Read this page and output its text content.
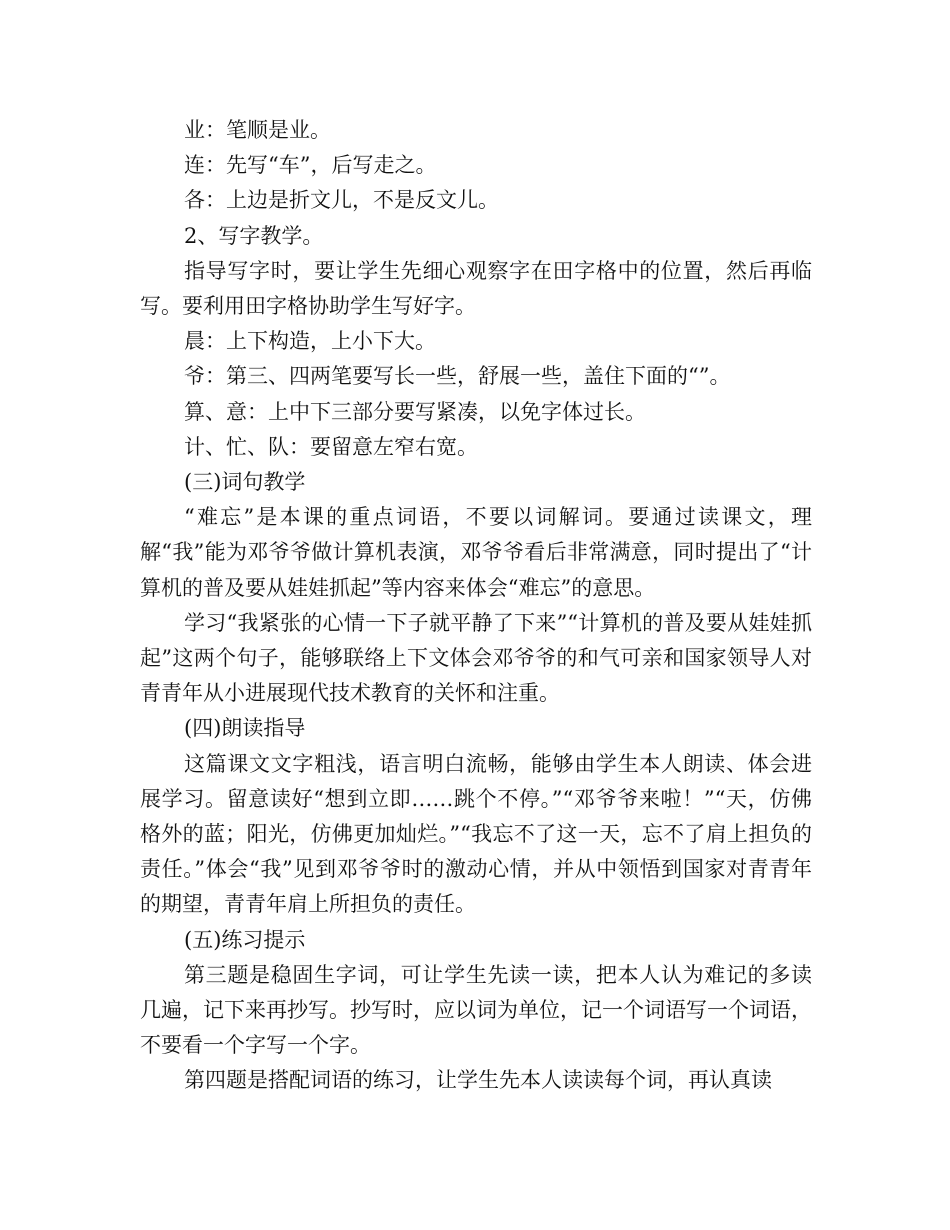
业：笔顺是业。

连：先写“车”，后写走之。

各：上边是折文儿，不是反文儿。

2、写字教学。

指导写字时，要让学生先细心观察字在田字格中的位置，然后再临写。要利用田字格协助学生写好字。

晨：上下构造，上小下大。

爷：第三、四两笔要写长一些，舒展一些，盖住下面的“”。

算、意：上中下三部分要写紧凑，以免字体过长。

计、忙、队：要留意左窄右宽。

(三)词句教学

“难忘”是本课的重点词语，不要以词解词。要通过读课文，理解“我”能为邓爷爷做计算机表演，邓爷爷看后非常满意，同时提出了“计算机的普及要从娃娃抓起”等内容来体会“难忘”的意思。

学习“我紧张的心情一下子就平静了下来”“计算机的普及要从娃娃抓起”这两个句子，能够联络上下文体会邓爷爷的和气可亲和国家领导人对青青年从小进展现代技术教育的关怀和注重。

(四)朗读指导

这篇课文文字粗浅，语言明白流畅，能够由学生本人朗读、体会进展学习。留意读好“想到立即……跳个不停。”“邓爷爷来啦！”“天，仿佛格外的蓝；阳光，仿佛更加灿烂。”“我忘不了这一天，忘不了肩上担负的责任。”体会“我”见到邓爷爷时的激动心情，并从中领悟到国家对青青年的期望，青青年肩上所担负的责任。

(五)练习提示

第三题是稳固生字词，可让学生先读一读，把本人认为难记的多读几遍，记下来再抄写。抄写时，应以词为单位，记一个词语写一个词语，不要看一个字写一个字。

第四题是搭配词语的练习，让学生先本人读读每个词，再认真读
